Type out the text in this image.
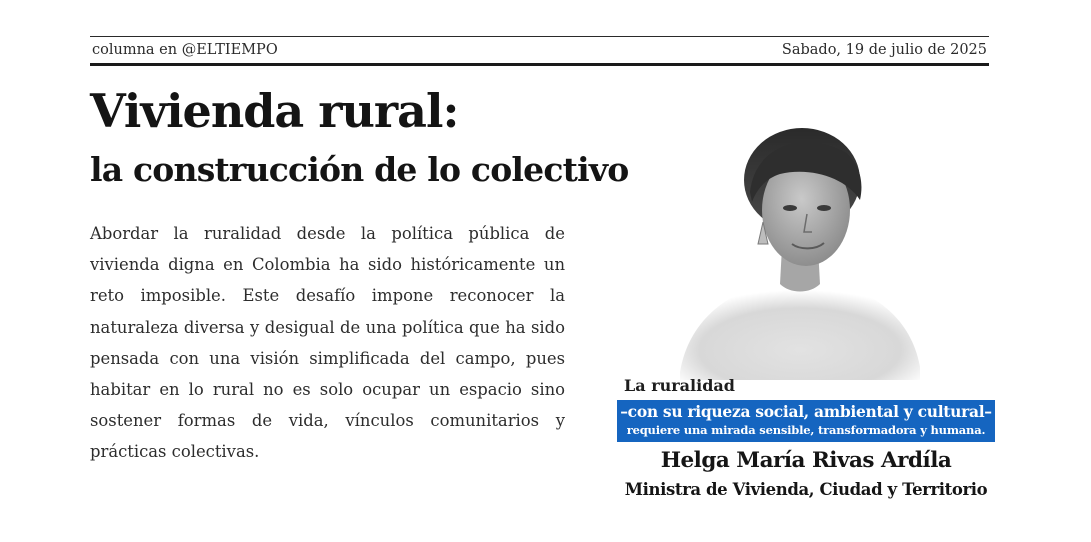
columna en @ELTIEMPO	Sabado, 19 de julio de 2025
Vivienda rural:
la construcción de lo colectivo

Abordar la ruralidad desde la política pública de vivienda digna en Colombia ha sido históricamente un reto imposible. Este desafío impone reconocer la naturaleza diversa y desigual de una política que ha sido pensada con una visión simplificada del campo, pues habitar en lo rural no es solo ocupar un espacio sino sostener formas de vida, vínculos comunitarios y prácticas colectivas.

La ruralidad
–con su riqueza social, ambiental y cultural–
requiere una mirada sensible, transformadora y humana.
Helga María Rivas Ardíla
Ministra de Vivienda, Ciudad y Territorio
